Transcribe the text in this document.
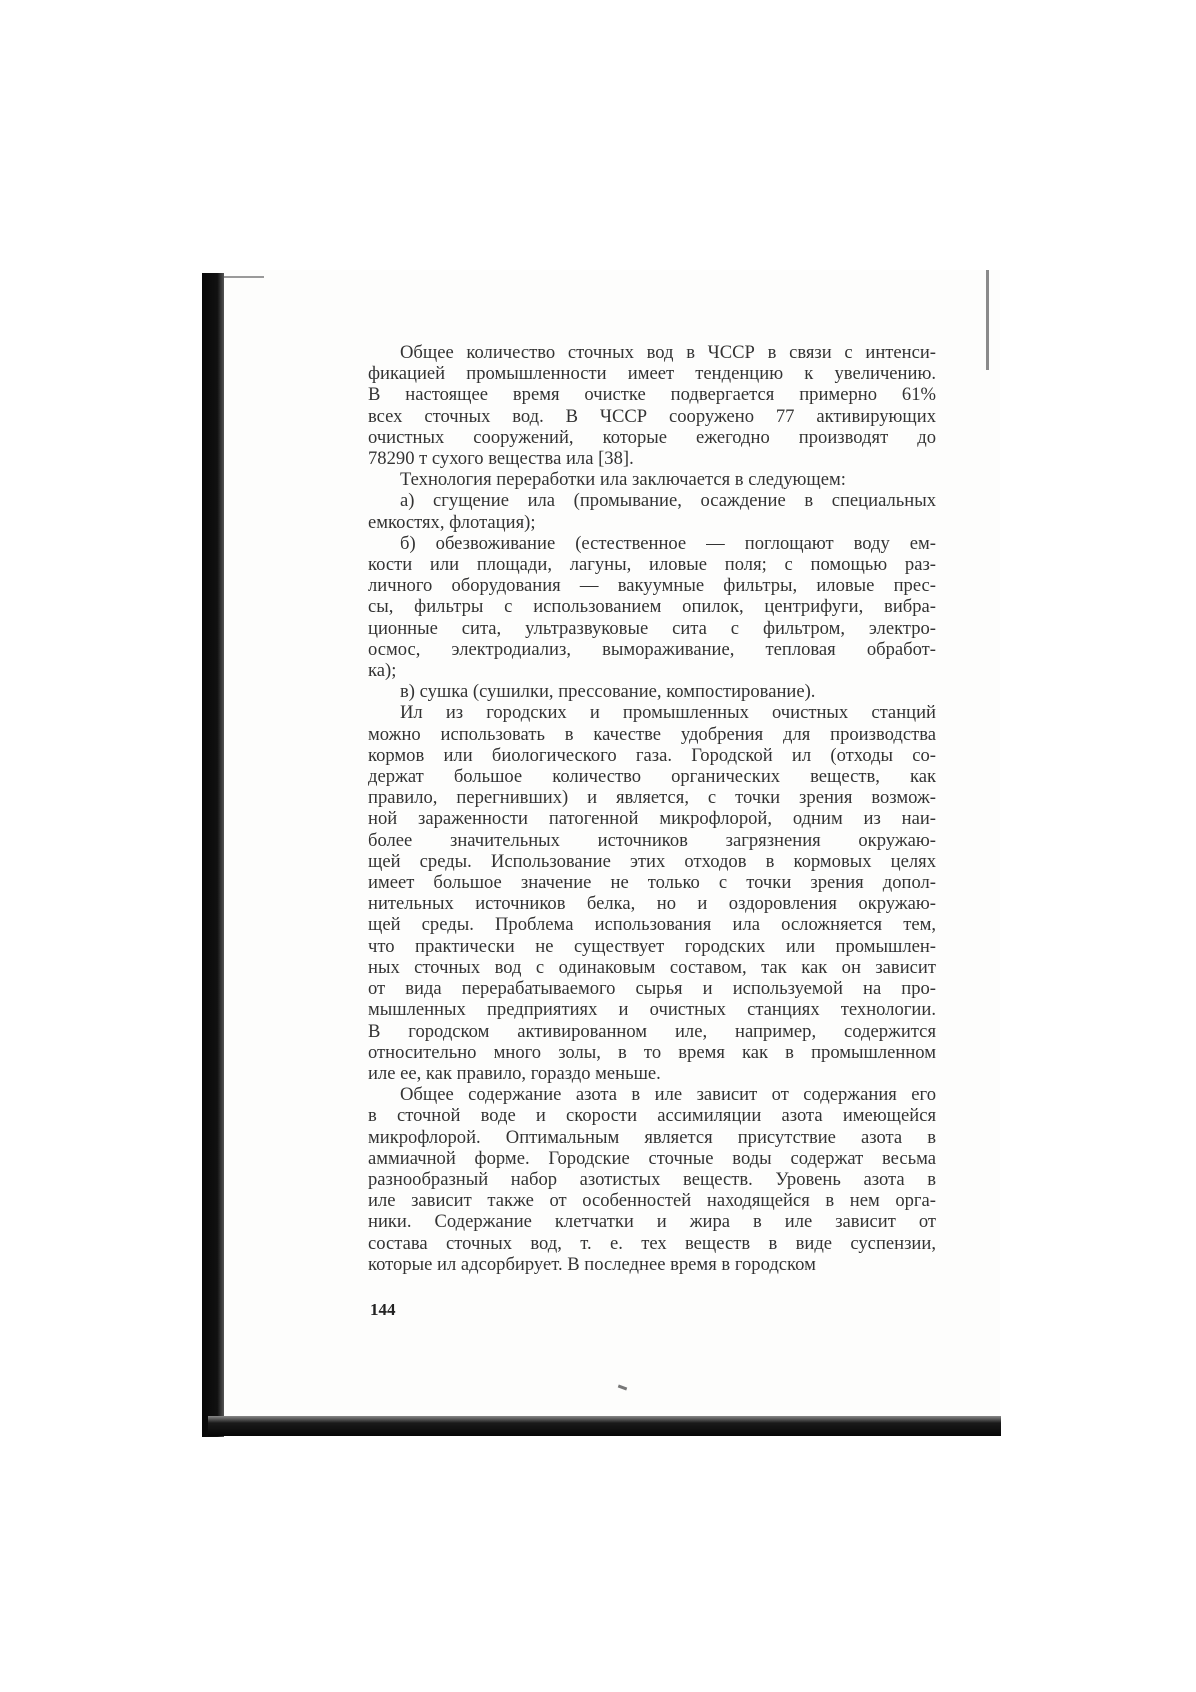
Общее количество сточных вод в ЧССР в связи с интенси-
фикацией промышленности имеет тенденцию к увеличению.
В настоящее время очистке подвергается примерно 61%
всех сточных вод. В ЧССР сооружено 77 активирующих
очистных сооружений, которые ежегодно производят до
78290 т сухого вещества ила [38].
Технология переработки ила заключается в следующем:
а) сгущение ила (промывание, осаждение в специальных
емкостях, флотация);
б) обезвоживание (естественное — поглощают воду ем-
кости или площади, лагуны, иловые поля; с помощью раз-
личного оборудования — вакуумные фильтры, иловые прес-
сы, фильтры с использованием опилок, центрифуги, вибра-
ционные сита, ультразвуковые сита с фильтром, электро-
осмос, электродиализ, вымораживание, тепловая обработ-
ка);
в) сушка (сушилки, прессование, компостирование).
Ил из городских и промышленных очистных станций
можно использовать в качестве удобрения для производства
кормов или биологического газа. Городской ил (отходы со-
держат большое количество органических веществ, как
правило, перегнивших) и является, с точки зрения возмож-
ной зараженности патогенной микрофлорой, одним из наи-
более значительных источников загрязнения окружаю-
щей среды. Использование этих отходов в кормовых целях
имеет большое значение не только с точки зрения допол-
нительных источников белка, но и оздоровления окружаю-
щей среды. Проблема использования ила осложняется тем,
что практически не существует городских или промышлен-
ных сточных вод с одинаковым составом, так как он зависит
от вида перерабатываемого сырья и используемой на про-
мышленных предприятиях и очистных станциях технологии.
В городском активированном иле, например, содержится
относительно много золы, в то время как в промышленном
иле ее, как правило, гораздо меньше.
Общее содержание азота в иле зависит от содержания его
в сточной воде и скорости ассимиляции азота имеющейся
микрофлорой. Оптимальным является присутствие азота в
аммиачной форме. Городские сточные воды содержат весьма
разнообразный набор азотистых веществ. Уровень азота в
иле зависит также от особенностей находящейся в нем орга-
ники. Содержание клетчатки и жира в иле зависит от
состава сточных вод, т. е. тех веществ в виде суспензии,
которые ил адсорбирует. В последнее время в городском
144
